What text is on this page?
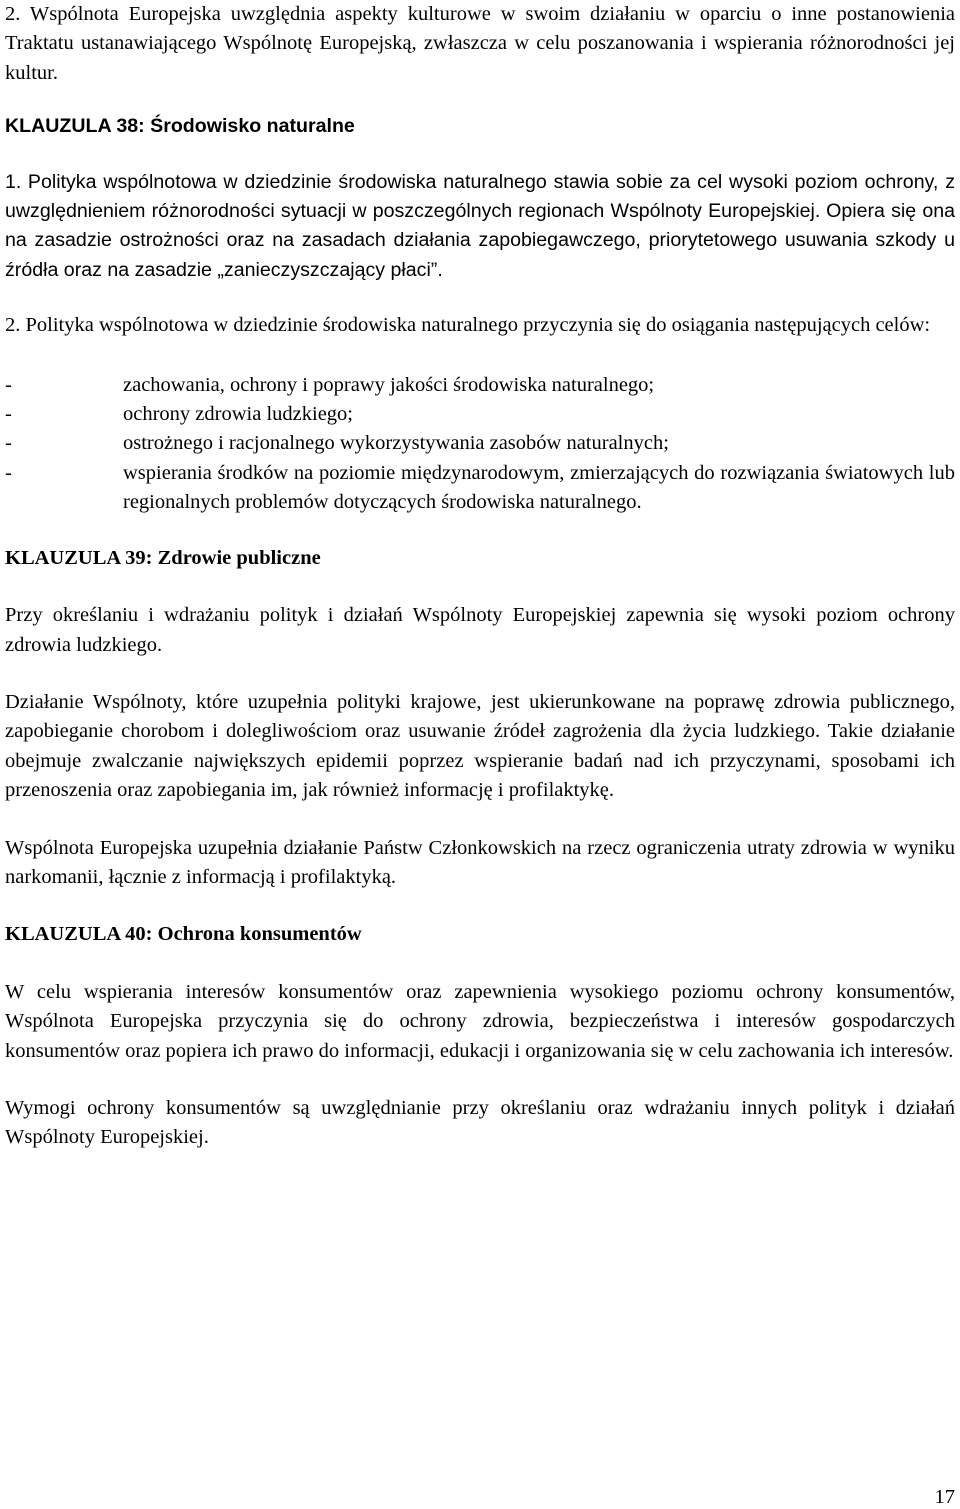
2. Wspólnota Europejska uwzględnia aspekty kulturowe w swoim działaniu w oparciu o inne postanowienia Traktatu ustanawiającego Wspólnotę Europejską, zwłaszcza w celu poszanowania i wspierania różnorodności jej kultur.

KLAUZULA 38: Środowisko naturalne

1. Polityka wspólnotowa w dziedzinie środowiska naturalnego stawia sobie za cel wysoki poziom ochrony, z uwzględnieniem różnorodności sytuacji w poszczególnych regionach Wspólnoty Europejskiej. Opiera się ona na zasadzie ostrożności oraz na zasadach działania zapobiegawczego, priorytetowego usuwania szkody u źródła oraz na zasadzie „zanieczyszczający płaci”.

2. Polityka wspólnotowa w dziedzinie środowiska naturalnego przyczynia się do osiągania następujących celów:

-	zachowania, ochrony i poprawy jakości środowiska naturalnego;
-	ochrony zdrowia ludzkiego;
-	ostrożnego i racjonalnego wykorzystywania zasobów naturalnych;
-	wspierania środków na poziomie międzynarodowym, zmierzających do rozwiązania światowych lub regionalnych problemów dotyczących środowiska naturalnego.
KLAUZULA 39: Zdrowie publiczne

Przy określaniu i wdrażaniu polityk i działań Wspólnoty Europejskiej zapewnia się wysoki poziom ochrony zdrowia ludzkiego.

Działanie Wspólnoty, które uzupełnia polityki krajowe, jest ukierunkowane na poprawę zdrowia publicznego, zapobieganie chorobom i dolegliwościom oraz usuwanie źródeł zagrożenia dla życia ludzkiego. Takie działanie obejmuje zwalczanie największych epidemii poprzez wspieranie badań nad ich przyczynami, sposobami ich przenoszenia oraz zapobiegania im, jak również informację i profilaktykę.

Wspólnota Europejska uzupełnia działanie Państw Członkowskich na rzecz ograniczenia utraty zdrowia w wyniku narkomanii, łącznie z informacją i profilaktyką.

KLAUZULA 40: Ochrona konsumentów

W celu wspierania interesów konsumentów oraz zapewnienia wysokiego poziomu ochrony konsumentów, Wspólnota Europejska przyczynia się do ochrony zdrowia, bezpieczeństwa i interesów gospodarczych konsumentów oraz popiera ich prawo do informacji, edukacji i organizowania się w celu zachowania ich interesów.

Wymogi ochrony konsumentów są uwzględnianie przy określaniu oraz wdrażaniu innych polityk i działań Wspólnoty Europejskiej.

17
